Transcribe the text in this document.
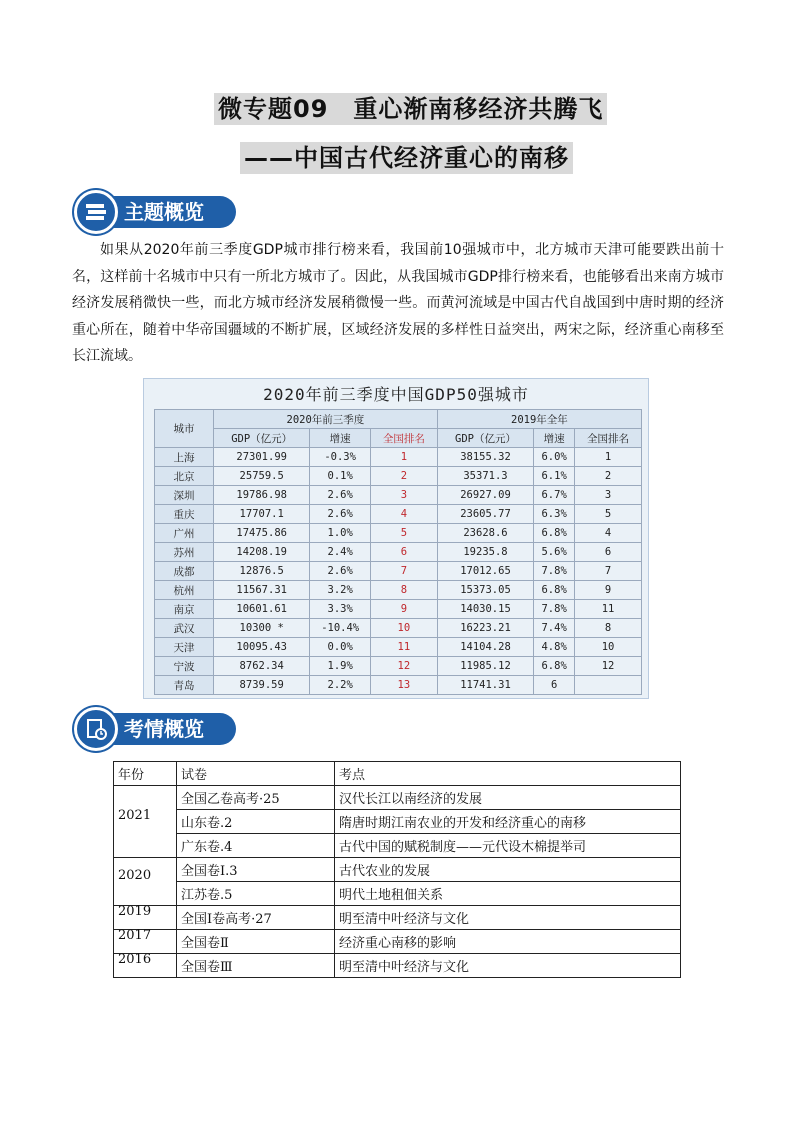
微专题09　重心渐南移经济共腾飞
——中国古代经济重心的南移
主题概览
如果从2020年前三季度GDP城市排行榜来看，我国前10强城市中，北方城市天津可能要跌出前十名，这样前十名城市中只有一所北方城市了。因此，从我国城市GDP排行榜来看，也能够看出来南方城市经济发展稍微快一些，而北方城市经济发展稍微慢一些。而黄河流域是中国古代自战国到中唐时期的经济重心所在，随着中华帝国疆域的不断扩展，区域经济发展的多样性日益突出，两宋之际，经济重心南移至长江流域。
2020年前三季度中国GDP50强城市
城市	2020年前三季度			2019年全年		
	GDP（亿元）	增速	全国排名	GDP（亿元）	增速	全国排名
上海	27301.99	-0.3%	1	38155.32	6.0%	1
北京	25759.5	0.1%	2	35371.3	6.1%	2
深圳	19786.98	2.6%	3	26927.09	6.7%	3
重庆	17707.1	2.6%	4	23605.77	6.3%	5
广州	17475.86	1.0%	5	23628.6	6.8%	4
苏州	14208.19	2.4%	6	19235.8	5.6%	6
成都	12876.5	2.6%	7	17012.65	7.8%	7
杭州	11567.31	3.2%	8	15373.05	6.8%	9
南京	10601.61	3.3%	9	14030.15	7.8%	11
武汉	10300 *	-10.4%	10	16223.21	7.4%	8
天津	10095.43	0.0%	11	14104.28	4.8%	10
宁波	8762.34	1.9%	12	11985.12	6.8%	12
青岛	8739.59	2.2%	13	11741.31	6	
考情概览
年份	试卷	考点
2021	全国乙卷高考·25	汉代长江以南经济的发展
	山东卷.2	隋唐时期江南农业的开发和经济重心的南移
	广东卷.4	古代中国的赋税制度——元代设木棉提举司
2020	全国卷Ⅰ.3	古代农业的发展
	江苏卷.5	明代土地租佃关系
2019	全国Ⅰ卷高考·27	明至清中叶经济与文化
2017	全国卷Ⅱ	经济重心南移的影响
2016	全国卷Ⅲ	明至清中叶经济与文化
